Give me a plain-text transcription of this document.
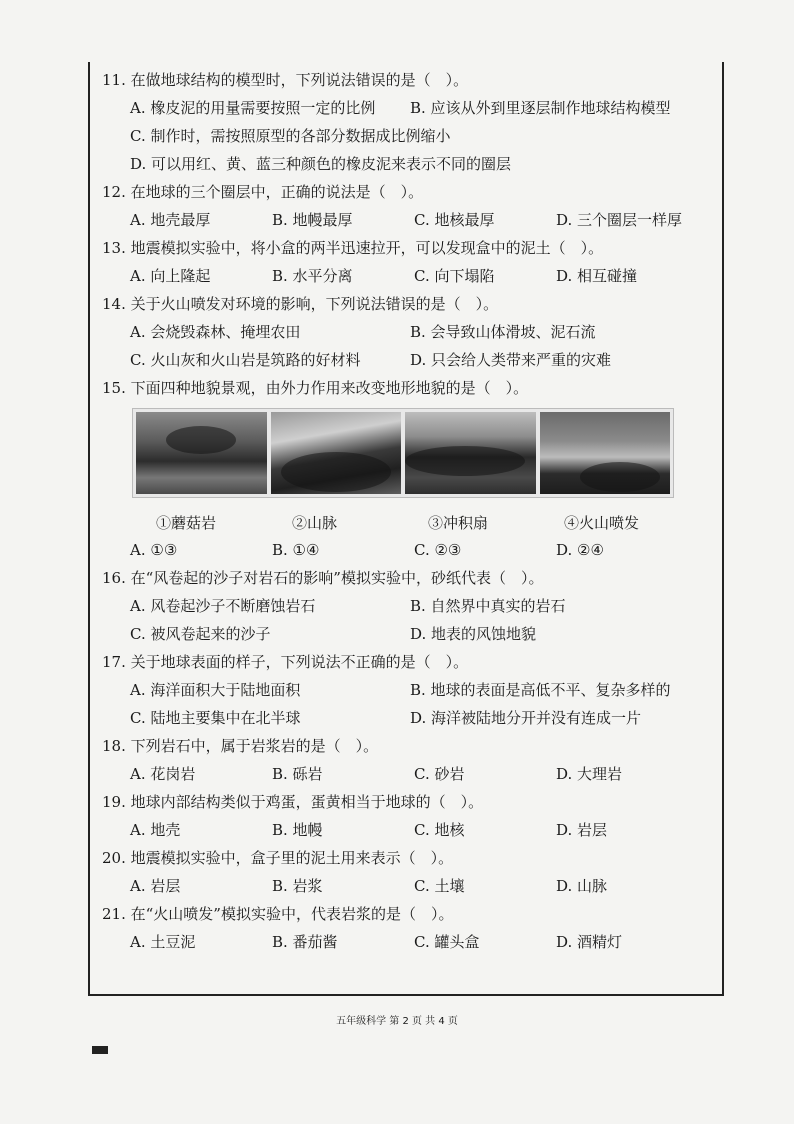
11. 在做地球结构的模型时，下列说法错误的是（　）。
A. 橡皮泥的用量需要按照一定的比例	B. 应该从外到里逐层制作地球结构模型
C. 制作时，需按照原型的各部分数据成比例缩小
D. 可以用红、黄、蓝三种颜色的橡皮泥来表示不同的圈层
12. 在地球的三个圈层中，正确的说法是（　）。
A. 地壳最厚	B. 地幔最厚	C. 地核最厚	D. 三个圈层一样厚
13. 地震模拟实验中，将小盒的两半迅速拉开，可以发现盒中的泥土（　）。
A. 向上隆起	B. 水平分离	C. 向下塌陷	D. 相互碰撞
14. 关于火山喷发对环境的影响，下列说法错误的是（　）。
A. 会烧毁森林、掩埋农田	B. 会导致山体滑坡、泥石流
C. 火山灰和火山岩是筑路的好材料	D. 只会给人类带来严重的灾难
15. 下面四种地貌景观，由外力作用来改变地形地貌的是（　）。
①蘑菇岩	②山脉	③冲积扇	④火山喷发
A. ①③	B. ①④	C. ②③	D. ②④
16. 在“风卷起的沙子对岩石的影响”模拟实验中，砂纸代表（　）。
A. 风卷起沙子不断磨蚀岩石	B. 自然界中真实的岩石
C. 被风卷起来的沙子	D. 地表的风蚀地貌
17. 关于地球表面的样子，下列说法不正确的是（　）。
A. 海洋面积大于陆地面积	B. 地球的表面是高低不平、复杂多样的
C. 陆地主要集中在北半球	D. 海洋被陆地分开并没有连成一片
18. 下列岩石中，属于岩浆岩的是（　）。
A. 花岗岩	B. 砾岩	C. 砂岩	D. 大理岩
19. 地球内部结构类似于鸡蛋，蛋黄相当于地球的（　）。
A. 地壳	B. 地幔	C. 地核	D. 岩层
20. 地震模拟实验中，盒子里的泥土用来表示（　）。
A. 岩层	B. 岩浆	C. 土壤	D. 山脉
21. 在“火山喷发”模拟实验中，代表岩浆的是（　）。
A. 土豆泥	B. 番茄酱	C. 罐头盒	D. 酒精灯
五年级科学 第 2 页 共 4 页
